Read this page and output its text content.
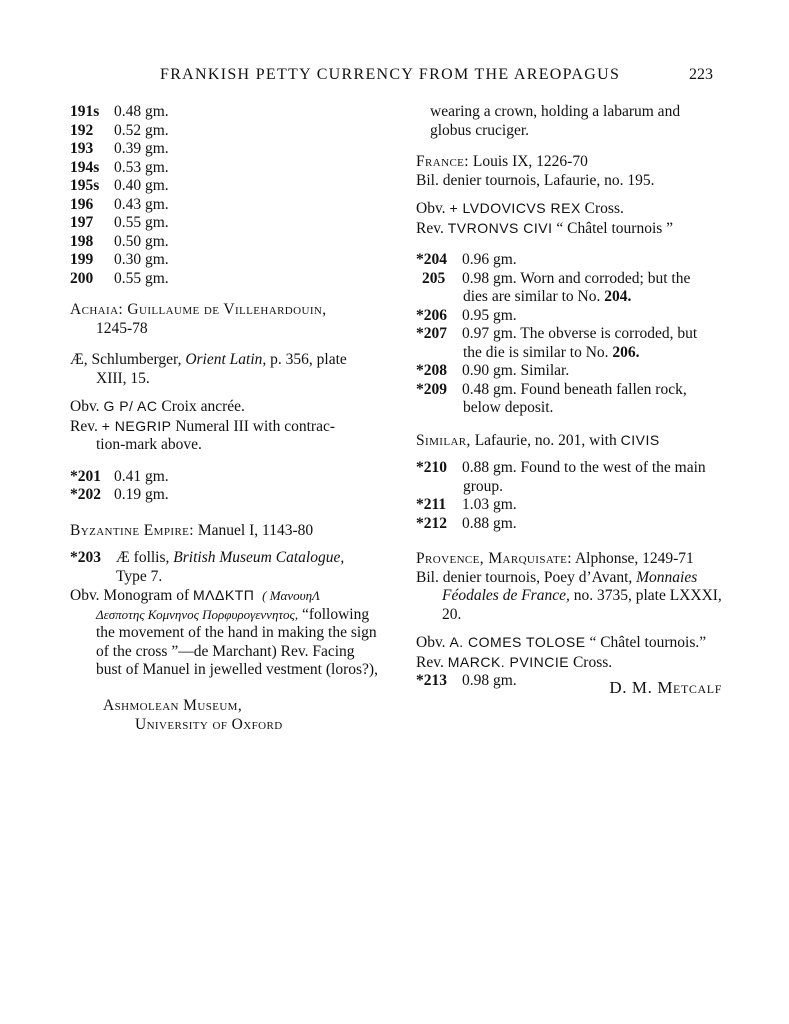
FRANKISH PETTY CURRENCY FROM THE AREOPAGUS	223
191s 0.48 gm.
192	0.52 gm.
193	0.39 gm.
194s 0.53 gm.
195s 0.40 gm.
196	0.43 gm.
197	0.55 gm.
198	0.50 gm.
199	0.30 gm.
200	0.55 gm.
Achaia: Guillaume de Villehardouin,
1245-78
Æ, Schlumberger, Orient Latin, p. 356, plate
XIII, 15.
Obv. G P/ AC Croix ancrée.
Rev. + NEGRIP Numeral III with contrac-
tion-mark above.
*201 0.41 gm.
*202 0.19 gm.
Byzantine Empire: Manuel I, 1143-80
*203 Æ follis, British Museum Catalogue,
Type 7.
Obv. Monogram of ΜΛΔΚΤΠ ( ΜανουηΛ
Δεσποτης Κομνηνος Πορφυρογεννητος, “following
the movement of the hand in making the sign
of the cross ”—de Marchant) Rev. Facing
bust of Manuel in jewelled vestment (loros?),
wearing a crown, holding a labarum and
globus cruciger.
France: Louis IX, 1226-70
Bil. denier tournois, Lafaurie, no. 195.
Obv. + LVDOVICVS REX Cross.
Rev. TVRONVS CIVI “ Châtel tournois ”
*204 0.96 gm.
205	0.98 gm. Worn and corroded; but the
dies are similar to No. 204.
*206 0.95 gm.
*207 0.97 gm. The obverse is corroded, but
the die is similar to No. 206.
*208 0.90 gm. Similar.
*209 0.48 gm. Found beneath fallen rock,
below deposit.
Similar, Lafaurie, no. 201, with CIVIS
*210 0.88 gm. Found to the west of the main
group.
*211	1.03 gm.
*212 0.88 gm.
Provence, Marquisate: Alphonse, 1249-71
Bil. denier tournois, Poey d’Avant, Monnaies
Féodales de France, no. 3735, plate LXXXI,
20.
Obv. A. COMES TOLOSE “ Châtel tournois.”
Rev. MARCK. PVINCIE Cross.
*213 0.98 gm.	D. M. Metcalf
Ashmolean Museum,
University of Oxford
